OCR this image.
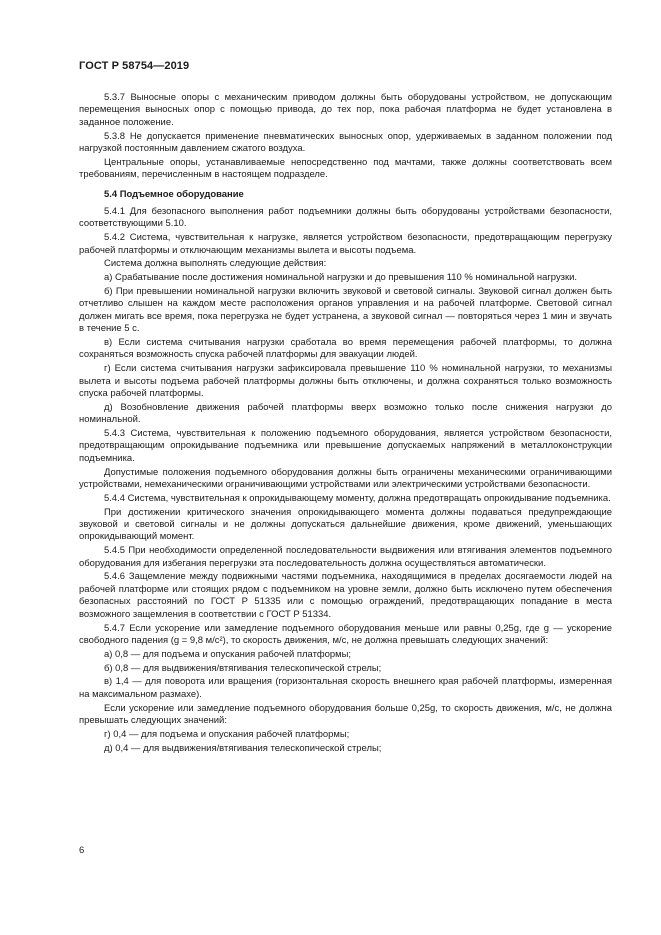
ГОСТ Р 58754—2019

5.3.7 Выносные опоры с механическим приводом должны быть оборудованы устройством, не допускающим перемещения выносных опор с помощью привода, до тех пор, пока рабочая платформа не будет установлена в заданное положение.

5.3.8 Не допускается применение пневматических выносных опор, удерживаемых в заданном положении под нагрузкой постоянным давлением сжатого воздуха.

Центральные опоры, устанавливаемые непосредственно под мачтами, также должны соответствовать всем требованиям, перечисленным в настоящем подразделе.

5.4 Подъемное оборудование

5.4.1 Для безопасного выполнения работ подъемники должны быть оборудованы устройствами безопасности, соответствующими 5.10.

5.4.2 Система, чувствительная к нагрузке, является устройством безопасности, предотвращающим перегрузку рабочей платформы и отключающим механизмы вылета и высоты подъема.

Система должна выполнять следующие действия:

а) Срабатывание после достижения номинальной нагрузки и до превышения 110 % номинальной нагрузки.

б) При превышении номинальной нагрузки включить звуковой и световой сигналы. Звуковой сигнал должен быть отчетливо слышен на каждом месте расположения органов управления и на рабочей платформе. Световой сигнал должен мигать все время, пока перегрузка не будет устранена, а звуковой сигнал — повторяться через 1 мин и звучать в течение 5 с.

в) Если система считывания нагрузки сработала во время перемещения рабочей платформы, то должна сохраняться возможность спуска рабочей платформы для эвакуации людей.

г) Если система считывания нагрузки зафиксировала превышение 110 % номинальной нагрузки, то механизмы вылета и высоты подъема рабочей платформы должны быть отключены, и должна сохраняться только возможность спуска рабочей платформы.

д) Возобновление движения рабочей платформы вверх возможно только после снижения нагрузки до номинальной.

5.4.3 Система, чувствительная к положению подъемного оборудования, является устройством безопасности, предотвращающим опрокидывание подъемника или превышение допускаемых напряжений в металлоконструкции подъемника.

Допустимые положения подъемного оборудования должны быть ограничены механическими ограничивающими устройствами, немеханическими ограничивающими устройствами или электрическими устройствами безопасности.

5.4.4 Система, чувствительная к опрокидывающему моменту, должна предотвращать опрокидывание подъемника.

При достижении критического значения опрокидывающего момента должны подаваться предупреждающие звуковой и световой сигналы и не должны допускаться дальнейшие движения, кроме движений, уменьшающих опрокидывающий момент.

5.4.5 При необходимости определенной последовательности выдвижения или втягивания элементов подъемного оборудования для избегания перегрузки эта последовательность должна осуществляться автоматически.

5.4.6 Защемление между подвижными частями подъемника, находящимися в пределах досягаемости людей на рабочей платформе или стоящих рядом с подъемником на уровне земли, должно быть исключено путем обеспечения безопасных расстояний по ГОСТ Р 51335 или с помощью ограждений, предотвращающих попадание в места возможного защемления в соответствии с ГОСТ Р 51334.

5.4.7 Если ускорение или замедление подъемного оборудования меньше или равны 0,25g, где g — ускорение свободного падения (g = 9,8 м/с²), то скорость движения, м/с, не должна превышать следующих значений:

а) 0,8 — для подъема и опускания рабочей платформы;

б) 0,8 — для выдвижения/втягивания телескопической стрелы;

в) 1,4 — для поворота или вращения (горизонтальная скорость внешнего края рабочей платформы, измеренная на максимальном размахе).

Если ускорение или замедление подъемного оборудования больше 0,25g, то скорость движения, м/с, не должна превышать следующих значений:

г) 0,4 — для подъема и опускания рабочей платформы;

д) 0,4 — для выдвижения/втягивания телескопической стрелы;

6
